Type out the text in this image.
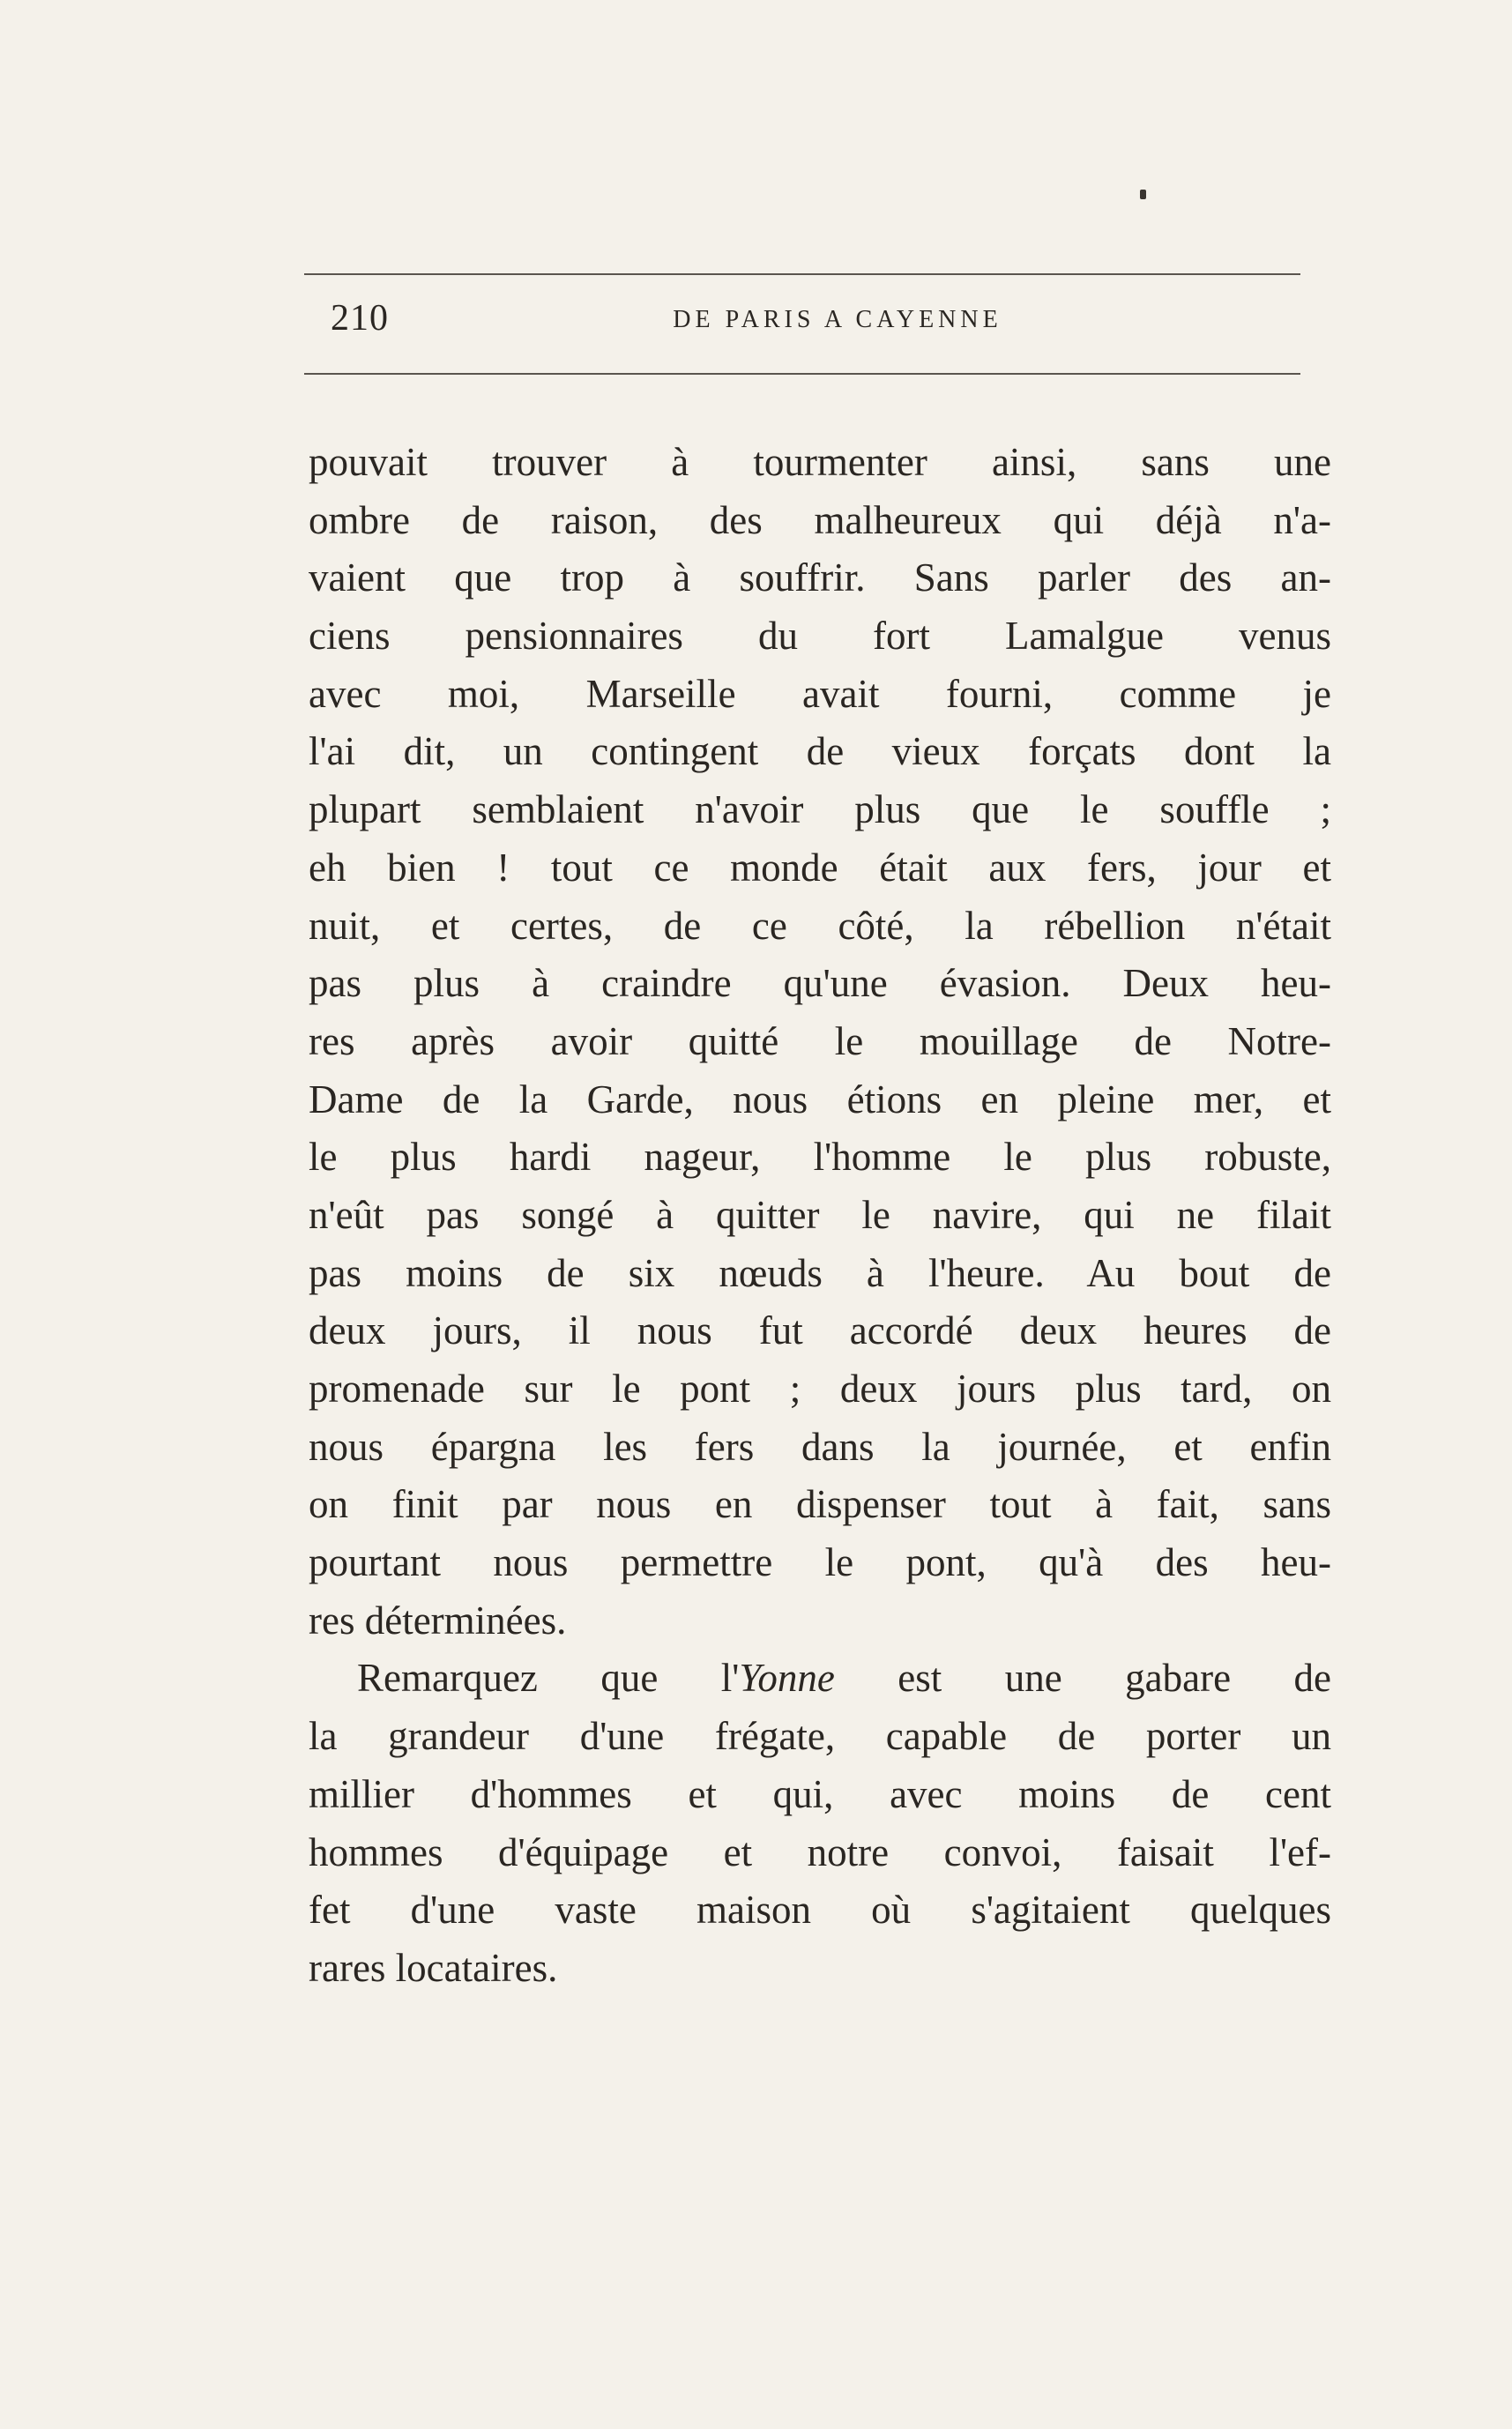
210	DE PARIS A CAYENNE
pouvait trouver à tourmenter ainsi, sans une
ombre de raison, des malheureux qui déjà n'a-
vaient que trop à souffrir. Sans parler des an-
ciens pensionnaires du fort Lamalgue venus
avec moi, Marseille avait fourni, comme je
l'ai dit, un contingent de vieux forçats dont la
plupart semblaient n'avoir plus que le souffle ;
eh bien ! tout ce monde était aux fers, jour et
nuit, et certes, de ce côté, la rébellion n'était
pas plus à craindre qu'une évasion. Deux heu-
res après avoir quitté le mouillage de Notre-
Dame de la Garde, nous étions en pleine mer, et
le plus hardi nageur, l'homme le plus robuste,
n'eût pas songé à quitter le navire, qui ne filait
pas moins de six nœuds à l'heure. Au bout de
deux jours, il nous fut accordé deux heures de
promenade sur le pont ; deux jours plus tard, on
nous épargna les fers dans la journée, et enfin
on finit par nous en dispenser tout à fait, sans
pourtant nous permettre le pont, qu'à des heu-
res déterminées.
Remarquez que l'Yonne est une gabare de
la grandeur d'une frégate, capable de porter un
millier d'hommes et qui, avec moins de cent
hommes d'équipage et notre convoi, faisait l'ef-
fet d'une vaste maison où s'agitaient quelques
rares locataires.
